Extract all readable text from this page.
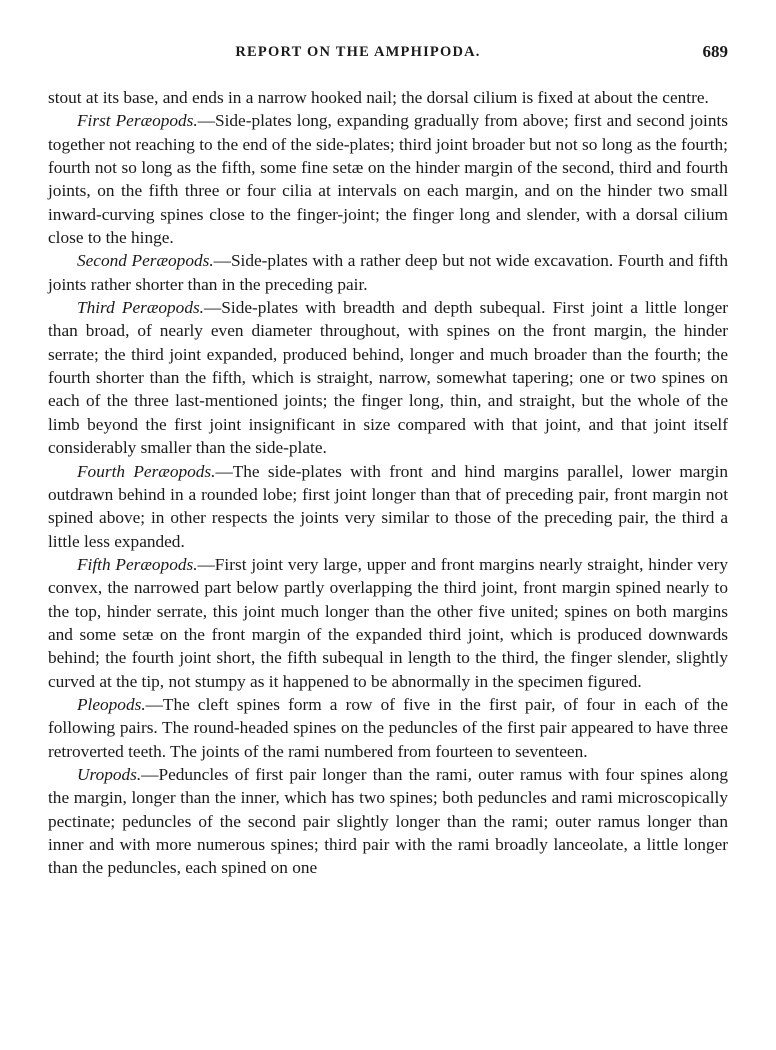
REPORT ON THE AMPHIPODA.	689

stout at its base, and ends in a narrow hooked nail; the dorsal cilium is fixed at about the centre.

First Peræopods.—Side-plates long, expanding gradually from above; first and second joints together not reaching to the end of the side-plates; third joint broader but not so long as the fourth; fourth not so long as the fifth, some fine setæ on the hinder margin of the second, third and fourth joints, on the fifth three or four cilia at intervals on each margin, and on the hinder two small inward-curving spines close to the finger-joint; the finger long and slender, with a dorsal cilium close to the hinge.

Second Peræopods.—Side-plates with a rather deep but not wide excavation. Fourth and fifth joints rather shorter than in the preceding pair.

Third Peræopods.—Side-plates with breadth and depth subequal. First joint a little longer than broad, of nearly even diameter throughout, with spines on the front margin, the hinder serrate; the third joint expanded, produced behind, longer and much broader than the fourth; the fourth shorter than the fifth, which is straight, narrow, somewhat tapering; one or two spines on each of the three last-mentioned joints; the finger long, thin, and straight, but the whole of the limb beyond the first joint insignificant in size compared with that joint, and that joint itself considerably smaller than the side-plate.

Fourth Peræopods.—The side-plates with front and hind margins parallel, lower margin outdrawn behind in a rounded lobe; first joint longer than that of preceding pair, front margin not spined above; in other respects the joints very similar to those of the preceding pair, the third a little less expanded.

Fifth Peræopods.—First joint very large, upper and front margins nearly straight, hinder very convex, the narrowed part below partly overlapping the third joint, front margin spined nearly to the top, hinder serrate, this joint much longer than the other five united; spines on both margins and some setæ on the front margin of the expanded third joint, which is produced downwards behind; the fourth joint short, the fifth subequal in length to the third, the finger slender, slightly curved at the tip, not stumpy as it happened to be abnormally in the specimen figured.

Pleopods.—The cleft spines form a row of five in the first pair, of four in each of the following pairs. The round-headed spines on the peduncles of the first pair appeared to have three retroverted teeth. The joints of the rami numbered from fourteen to seventeen.

Uropods.—Peduncles of first pair longer than the rami, outer ramus with four spines along the margin, longer than the inner, which has two spines; both peduncles and rami microscopically pectinate; peduncles of the second pair slightly longer than the rami; outer ramus longer than inner and with more numerous spines; third pair with the rami broadly lanceolate, a little longer than the peduncles, each spined on one
